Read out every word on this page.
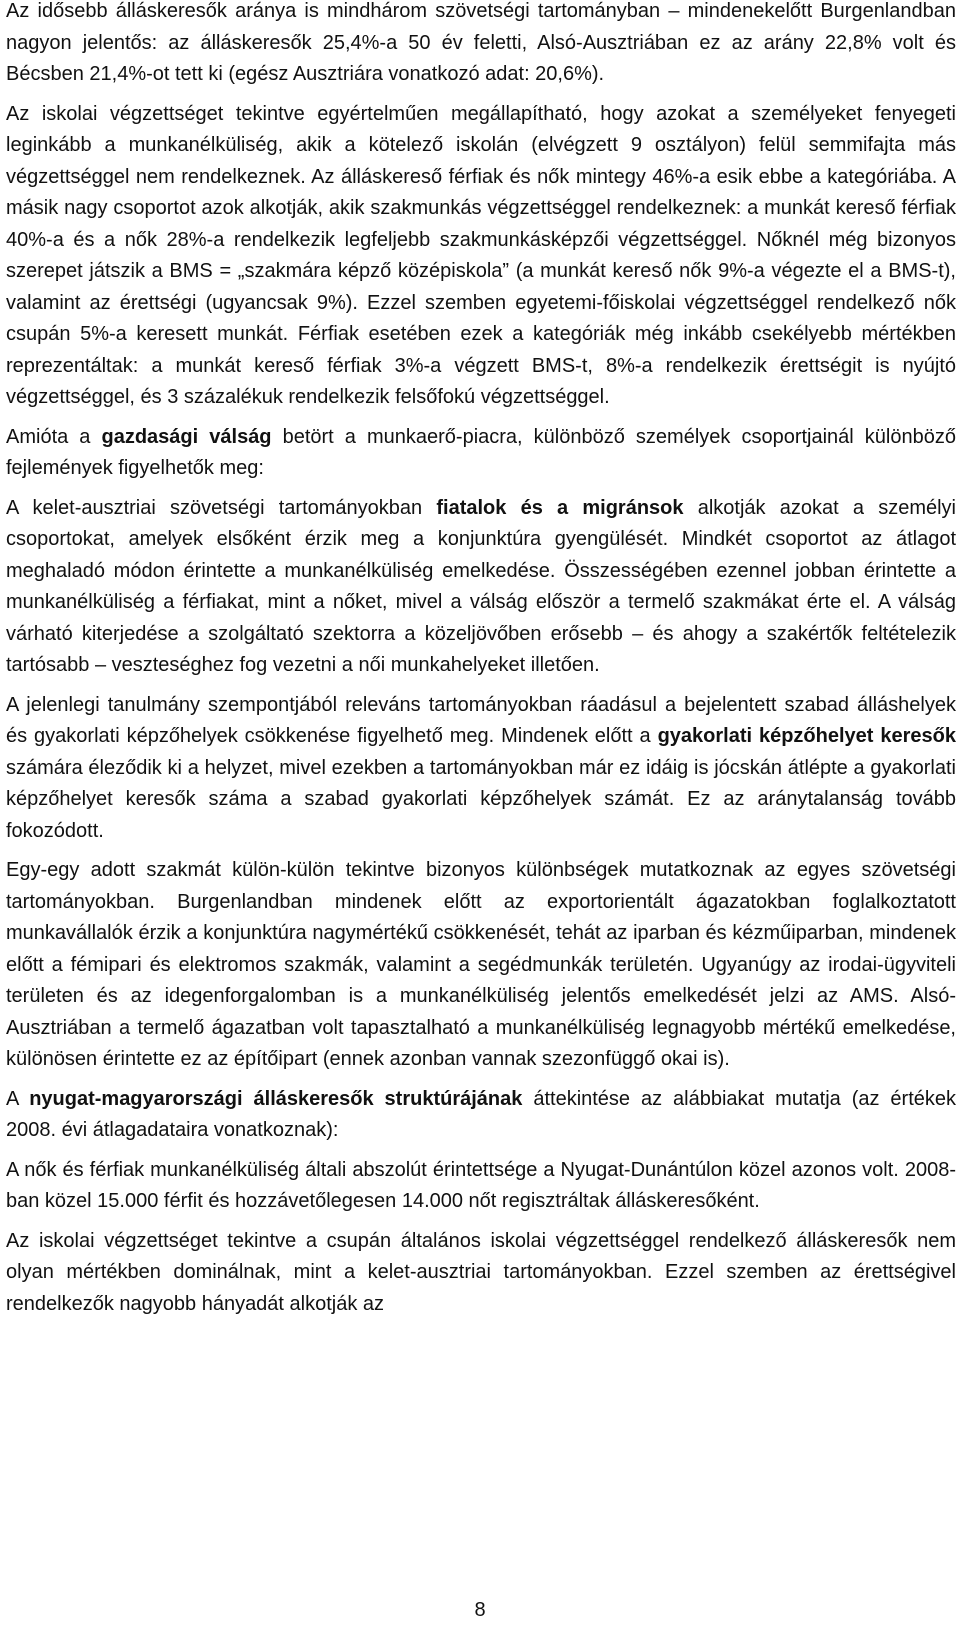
Az idősebb álláskeresők aránya is mindhárom szövetségi tartományban – mindenekelőtt Burgenlandban nagyon jelentős: az álláskeresők 25,4%-a 50 év feletti, Alsó-Ausztriában ez az arány 22,8% volt és Bécsben 21,4%-ot tett ki (egész Ausztriára vonatkozó adat: 20,6%).

Az iskolai végzettséget tekintve egyértelműen megállapítható, hogy azokat a személyeket fenyegeti leginkább a munkanélküliség, akik a kötelező iskolán (elvégzett 9 osztályon) felül semmifajta más végzettséggel nem rendelkeznek. Az álláskereső férfiak és nők mintegy 46%-a esik ebbe a kategóriába. A másik nagy csoportot azok alkotják, akik szakmunkás végzettséggel rendelkeznek: a munkát kereső férfiak 40%-a és a nők 28%-a rendelkezik legfeljebb szakmunkásképzői végzettséggel. Nőknél még bizonyos szerepet játszik a BMS = „szakmára képző középiskola” (a munkát kereső nők 9%-a végezte el a BMS-t), valamint az érettségi (ugyancsak 9%). Ezzel szemben egyetemi-főiskolai végzettséggel rendelkező nők csupán 5%-a keresett munkát. Férfiak esetében ezek a kategóriák még inkább csekélyebb mértékben reprezentáltak: a munkát kereső férfiak 3%-a végzett BMS-t, 8%-a rendelkezik érettségit is nyújtó végzettséggel, és 3 százalékuk rendelkezik felsőfokú végzettséggel.

Amióta a gazdasági válság betört a munkaerő-piacra, különböző személyek csoportjainál különböző fejlemények figyelhetők meg:

A kelet-ausztriai szövetségi tartományokban fiatalok és a migránsok alkotják azokat a személyi csoportokat, amelyek elsőként érzik meg a konjunktúra gyengülését. Mindkét csoportot az átlagot meghaladó módon érintette a munkanélküliség emelkedése. Összességében ezennel jobban érintette a munkanélküliség a férfiakat, mint a nőket, mivel a válság először a termelő szakmákat érte el. A válság várható kiterjedése a szolgáltató szektorra a közeljövőben erősebb – és ahogy a szakértők feltételezik tartósabb – veszteséghez fog vezetni a női munkahelyeket illetően.

A jelenlegi tanulmány szempontjából releváns tartományokban ráadásul a bejelentett szabad álláshelyek és gyakorlati képzőhelyek csökkenése figyelhető meg. Mindenek előtt a gyakorlati képzőhelyet keresők számára éleződik ki a helyzet, mivel ezekben a tartományokban már ez idáig is jócskán átlépte a gyakorlati képzőhelyet keresők száma a szabad gyakorlati képzőhelyek számát. Ez az aránytalanság tovább fokozódott.

Egy-egy adott szakmát külön-külön tekintve bizonyos különbségek mutatkoznak az egyes szövetségi tartományokban. Burgenlandban mindenek előtt az exportorientált ágazatokban foglalkoztatott munkavállalók érzik a konjunktúra nagymértékű csökkenését, tehát az iparban és kézműiparban, mindenek előtt a fémipari és elektromos szakmák, valamint a segédmunkák területén. Ugyanúgy az irodai-ügyviteli területen és az idegenforgalomban is a munkanélküliség jelentős emelkedését jelzi az AMS. Alsó-Ausztriában a termelő ágazatban volt tapasztalható a munkanélküliség legnagyobb mértékű emelkedése, különösen érintette ez az építőipart (ennek azonban vannak szezonfüggő okai is).

A nyugat-magyarországi álláskeresők struktúrájának áttekintése az alábbiakat mutatja (az értékek 2008. évi átlagadataira vonatkoznak):

A nők és férfiak munkanélküliség általi abszolút érintettsége a Nyugat-Dunántúlon közel azonos volt. 2008-ban közel 15.000 férfit és hozzávetőlegesen 14.000 nőt regisztráltak álláskeresőként.

Az iskolai végzettséget tekintve a csupán általános iskolai végzettséggel rendelkező álláskeresők nem olyan mértékben dominálnak, mint a kelet-ausztriai tartományokban. Ezzel szemben az érettségivel rendelkezők nagyobb hányadát alkotják az

8
